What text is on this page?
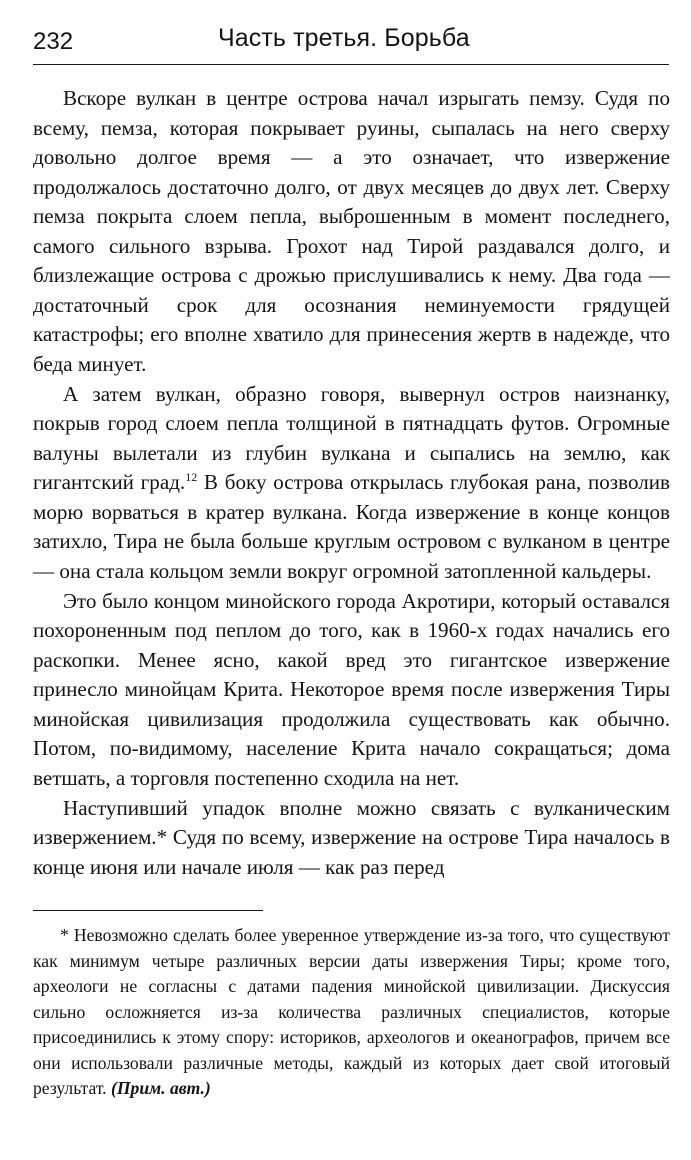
232	Часть третья. Борьба

Вскоре вулкан в центре острова начал изрыгать пемзу. Судя по всему, пемза, которая покрывает руины, сыпалась на него сверху довольно долгое время — а это означает, что извержение продолжалось достаточно долго, от двух месяцев до двух лет. Сверху пемза покрыта слоем пепла, выброшенным в момент последнего, самого сильного взрыва. Грохот над Тирой раздавался долго, и близлежащие острова с дрожью прислушивались к нему. Два года — достаточный срок для осознания неминуемости грядущей катастрофы; его вполне хватило для принесения жертв в надежде, что беда минует.

А затем вулкан, образно говоря, вывернул остров наизнанку, покрыв город слоем пепла толщиной в пятнадцать футов. Огромные валуны вылетали из глубин вулкана и сыпались на землю, как гигантский град.$^{12}$ В боку острова открылась глубокая рана, позволив морю ворваться в кратер вулкана. Когда извержение в конце концов затихло, Тира не была больше круглым островом с вулканом в центре — она стала кольцом земли вокруг огромной затопленной кальдеры.

Это было концом минойского города Акротири, который оставался похороненным под пеплом до того, как в 1960-х годах начались его раскопки. Менее ясно, какой вред это гигантское извержение принесло минойцам Крита. Некоторое время после извержения Тиры минойская цивилизация продолжила существовать как обычно. Потом, по-видимому, население Крита начало сокращаться; дома ветшать, а торговля постепенно сходила на нет.

Наступивший упадок вполне можно связать с вулканическим извержением.* Судя по всему, извержение на острове Тира началось в конце июня или начале июля — как раз перед

* Невозможно сделать более уверенное утверждение из-за того, что существуют как минимум четыре различных версии даты извержения Тиры; кроме того, археологи не согласны с датами падения минойской цивилизации. Дискуссия сильно осложняется из-за количества различных специалистов, которые присоединились к этому спору: историков, археологов и океанографов, причем все они использовали различные методы, каждый из которых дает свой итоговый результат. (Прим. авт.)
